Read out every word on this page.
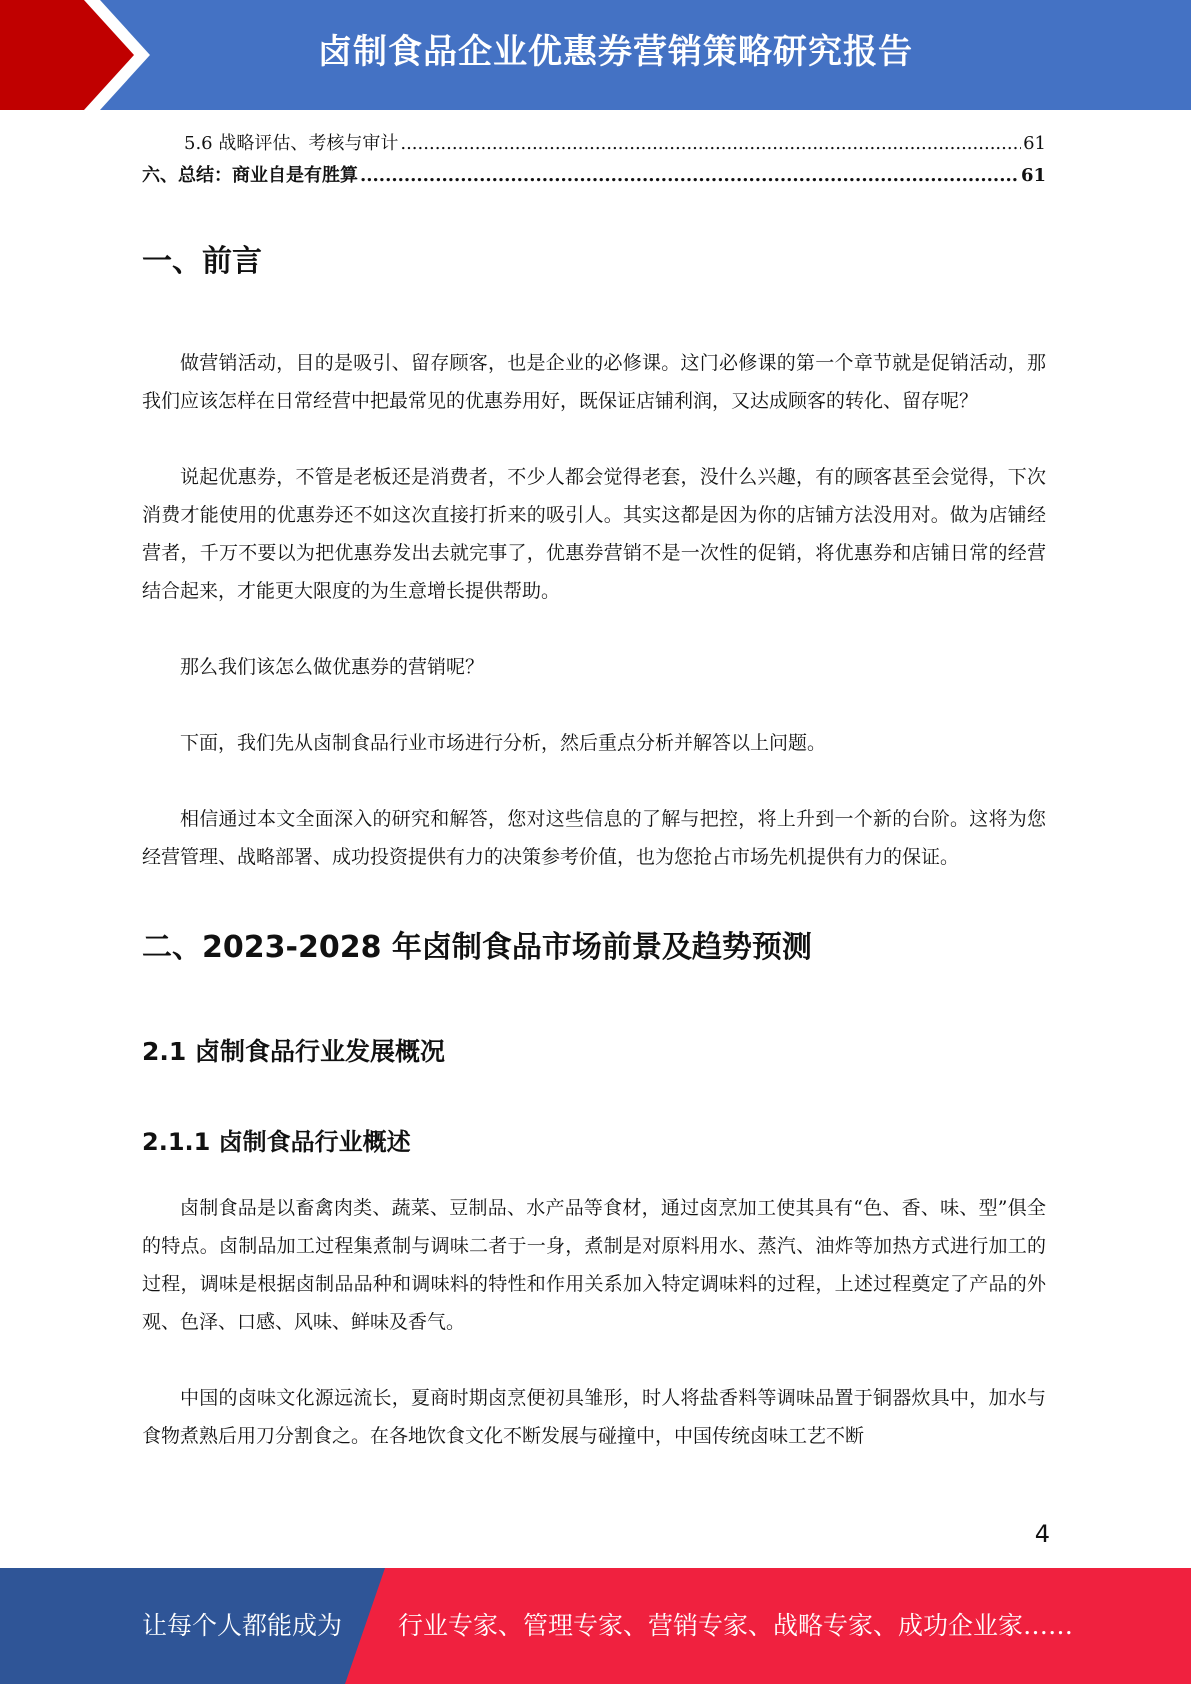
卤制食品企业优惠券营销策略研究报告
5.6 战略评估、考核与审计 .....	61
六、总结：商业自是有胜算 .....	61
一、前言

做营销活动，目的是吸引、留存顾客，也是企业的必修课。这门必修课的第一个章节就是促销活动，那我们应该怎样在日常经营中把最常见的优惠券用好，既保证店铺利润，又达成顾客的转化、留存呢？

说起优惠券，不管是老板还是消费者，不少人都会觉得老套，没什么兴趣，有的顾客甚至会觉得，下次消费才能使用的优惠券还不如这次直接打折来的吸引人。其实这都是因为你的店铺方法没用对。做为店铺经营者，千万不要以为把优惠券发出去就完事了，优惠券营销不是一次性的促销，将优惠券和店铺日常的经营结合起来，才能更大限度的为生意增长提供帮助。

那么我们该怎么做优惠券的营销呢？

下面，我们先从卤制食品行业市场进行分析，然后重点分析并解答以上问题。

相信通过本文全面深入的研究和解答，您对这些信息的了解与把控，将上升到一个新的台阶。这将为您经营管理、战略部署、成功投资提供有力的决策参考价值，也为您抢占市场先机提供有力的保证。

二、2023-2028 年卤制食品市场前景及趋势预测
2.1 卤制食品行业发展概况
2.1.1 卤制食品行业概述

卤制食品是以畜禽肉类、蔬菜、豆制品、水产品等食材，通过卤烹加工使其具有“色、香、味、型”俱全的特点。卤制品加工过程集煮制与调味二者于一身，煮制是对原料用水、蒸汽、油炸等加热方式进行加工的过程，调味是根据卤制品品种和调味料的特性和作用关系加入特定调味料的过程，上述过程奠定了产品的外观、色泽、口感、风味、鲜味及香气。

中国的卤味文化源远流长，夏商时期卤烹便初具雏形，时人将盐香料等调味品置于铜器炊具中，加水与食物煮熟后用刀分割食之。在各地饮食文化不断发展与碰撞中，中国传统卤味工艺不断

4
让每个人都能成为 行业专家、管理专家、营销专家、战略专家、成功企业家……
